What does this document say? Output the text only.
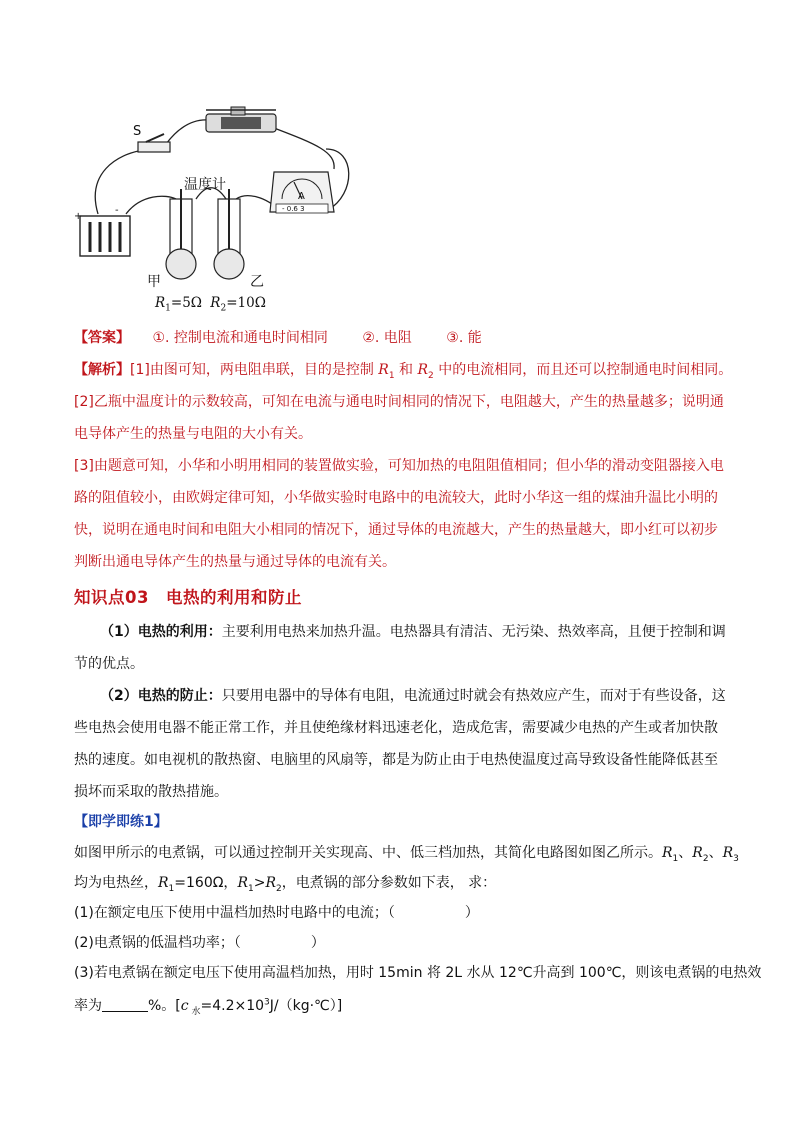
S
温度计
A
- 0.6 3
+
-
甲	乙
$R_1=5\Omega$ $R_2=10\Omega$
【答案】 ①. 控制电流和通电时间相同 ②. 电阻 ③. 能
【解析】[1]由图可知，两电阻串联，目的是控制 $R_1$ 和 $R_2$ 中的电流相同，而且还可以控制通电时间相同。
[2]乙瓶中温度计的示数较高，可知在电流与通电时间相同的情况下，电阻越大，产生的热量越多；说明通
电导体产生的热量与电阻的大小有关。
[3]由题意可知，小华和小明用相同的装置做实验，可知加热的电阻阻值相同；但小华的滑动变阻器接入电
路的阻值较小，由欧姆定律可知，小华做实验时电路中的电流较大，此时小华这一组的煤油升温比小明的
快，说明在通电时间和电阻大小相同的情况下，通过导体的电流越大，产生的热量越大，即小红可以初步
判断出通电导体产生的热量与通过导体的电流有关。
知识点03　电热的利用和防止
（1）电热的利用：主要利用电热来加热升温。电热器具有清洁、无污染、热效率高，且便于控制和调
节的优点。
（2）电热的防止：只要用电器中的导体有电阻，电流通过时就会有热效应产生，而对于有些设备，这
些电热会使用电器不能正常工作，并且使绝缘材料迅速老化，造成危害，需要减少电热的产生或者加快散
热的速度。如电视机的散热窗、电脑里的风扇等，都是为防止由于电热使温度过高导致设备性能降低甚至
损坏而采取的散热措施。
【即学即练1】
如图甲所示的电煮锅，可以通过控制开关实现高、中、低三档加热，其简化电路图如图乙所示。$R_1$、$R_2$、$R_3$
均为电热丝，$R_1=160\Omega$，$R_1>R_2$，电煮锅的部分参数如下表， 求：
(1)在额定电压下使用中温档加热时电路中的电流；（　　　　　）
(2)电煮锅的低温档功率；（　　　　　）
(3)若电煮锅在额定电压下使用高温档加热，用时 15min 将 2L 水从 12℃升高到 100℃，则该电煮锅的电热效
率为	%。[c $_水=4.2\times 10^3J/(kg\cdot℃)$]
